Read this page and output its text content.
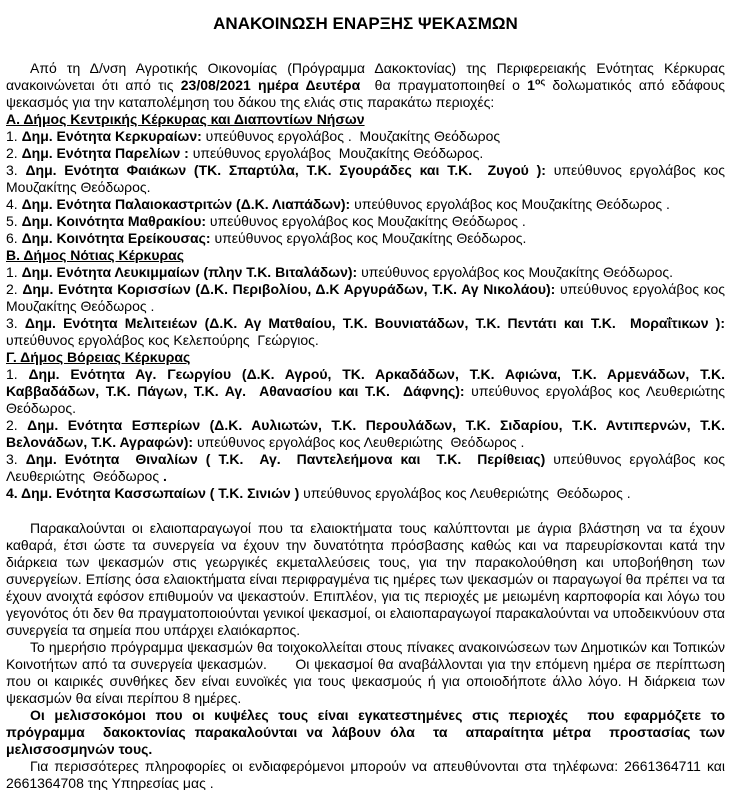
ΑΝΑΚΟΙΝΩΣΗ ΕΝΑΡΞΗΣ ΨΕΚΑΣΜΩΝ

Από τη Δ/νση Αγροτικής Οικονομίας (Πρόγραμμα Δακοκτονίας) της Περιφερειακής Ενότητας Κέρκυρας ανακοινώνεται ότι από τις 23/08/2021 ημέρα Δευτέρα  θα πραγματοποιηθεί ο $1^{o\varsigma}$ δολωματικός από εδάφους ψεκασμός για την καταπολέμηση του δάκου της ελιάς στις παρακάτω περιοχές:

Α. Δήμος Κεντρικής Κέρκυρας και Διαποντίων Νήσων

1. Δημ. Ενότητα Κερκυραίων: υπεύθυνος εργολάβος .  Μουζακίτης Θεόδωρος

2. Δημ. Ενότητα Παρελίων : υπεύθυνος εργολάβος  Μουζακίτης Θεόδωρος.

3. Δημ. Ενότητα Φαιάκων (ΤΚ. Σπαρτύλα, Τ.Κ. Σγουράδες και Τ.Κ.  Ζυγού ): υπεύθυνος εργολάβος κος Μουζακίτης Θεόδωρος.

4. Δημ. Ενότητα Παλαιοκαστριτών (Δ.Κ. Λιαπάδων): υπεύθυνος εργολάβος κος Μουζακίτης Θεόδωρος .

5. Δημ. Κοινότητα Μαθρακίου: υπεύθυνος εργολάβος κος Μουζακίτης Θεόδωρος .

6. Δημ. Κοινότητα Ερείκουσας: υπεύθυνος εργολάβος κος Μουζακίτης Θεόδωρος.

Β. Δήμος Νότιας Κέρκυρας

1. Δημ. Ενότητα Λευκιμμαίων (πλην Τ.Κ. Βιταλάδων): υπεύθυνος εργολάβος κος Μουζακίτης Θεόδωρος.

2. Δημ. Ενότητα Κορισσίων (Δ.Κ. Περιβολίου, Δ.Κ Αργυράδων, Τ.Κ. Αγ Νικολάου): υπεύθυνος εργολάβος κος Μουζακίτης Θεόδωρος .

3. Δημ. Ενότητα Μελιτειέων (Δ.Κ. Αγ Ματθαίου, Τ.Κ. Βουνιατάδων, Τ.Κ. Πεντάτι και Τ.Κ.  Μοραΐτικων ): υπεύθυνος εργολάβος κος Κελεπούρης  Γεώργιος.

Γ. Δήμος Βόρειας Κέρκυρας

1. Δημ. Ενότητα Αγ. Γεωργίου (Δ.Κ. Αγρού, ΤΚ. Αρκαδάδων, Τ.Κ. Αφιώνα, Τ.Κ. Αρμενάδων, Τ.Κ. Καββαδάδων, Τ.Κ. Πάγων, Τ.Κ. Αγ.  Αθανασίου και Τ.Κ.  Δάφνης): υπεύθυνος εργολάβος κος Λευθεριώτης Θεόδωρος.

2. Δημ. Ενότητα Εσπερίων (Δ.Κ. Αυλιωτών, Τ.Κ. Περουλάδων, Τ.Κ. Σιδαρίου, Τ.Κ. Αντιπερνών, Τ.Κ. Βελονάδων, Τ.Κ. Αγραφών): υπεύθυνος εργολάβος κος Λευθεριώτης  Θεόδωρος .

3. Δημ. Ενότητα  Θιναλίων ( Τ.Κ.  Αγ.  Παντελεήμονα και  Τ.Κ.  Περίθειας) υπεύθυνος εργολάβος κος Λευθεριώτης  Θεόδωρος .

4. Δημ. Ενότητα Κασσωπαίων ( Τ.Κ. Σινιών ) υπεύθυνος εργολάβος κος Λευθεριώτης  Θεόδωρος .

Παρακαλούνται οι ελαιοπαραγωγοί που τα ελαιοκτήματα τους καλύπτονται με άγρια βλάστηση να τα έχουν καθαρά, έτσι ώστε τα συνεργεία να έχουν την δυνατότητα πρόσβασης καθώς και να παρευρίσκονται κατά την διάρκεια των ψεκασμών στις γεωργικές εκμεταλλεύσεις τους, για την παρακολούθηση και υποβοήθηση των συνεργείων. Επίσης όσα ελαιοκτήματα είναι περιφραγμένα τις ημέρες των ψεκασμών οι παραγωγοί θα πρέπει να τα έχουν ανοιχτά εφόσον επιθυμούν να ψεκαστούν. Επιπλέον, για τις περιοχές με μειωμένη καρποφορία και λόγω του γεγονότος ότι δεν θα πραγματοποιούνται γενικοί ψεκασμοί, οι ελαιοπαραγωγοί παρακαλούνται να υποδεικνύουν στα συνεργεία τα σημεία που υπάρχει ελαιόκαρπος.

Το ημερήσιο πρόγραμμα ψεκασμών θα τοιχοκολλείται στους πίνακες ανακοινώσεων των Δημοτικών και Τοπικών Κοινοτήτων από τα συνεργεία ψεκασμών.      Οι ψεκασμοί θα αναβάλλονται για την επόμενη ημέρα σε περίπτωση που οι καιρικές συνθήκες δεν είναι ευνοϊκές για τους ψεκασμούς ή για οποιοδήποτε άλλο λόγο. Η διάρκεια των ψεκασμών θα είναι περίπου 8 ημέρες.

Οι μελισσοκόμοι που οι κυψέλες τους είναι εγκατεστημένες στις περιοχές  που εφαρμόζετε το πρόγραμμα  δακοκτονίας παρακαλούνται να λάβουν όλα  τα  απαραίτητα μέτρα  προστασίας των μελισσοσμηνών τους.

Για περισσότερες πληροφορίες οι ενδιαφερόμενοι μπορούν να απευθύνονται στα τηλέφωνα: 2661364711 και 2661364708 της Υπηρεσίας μας .
